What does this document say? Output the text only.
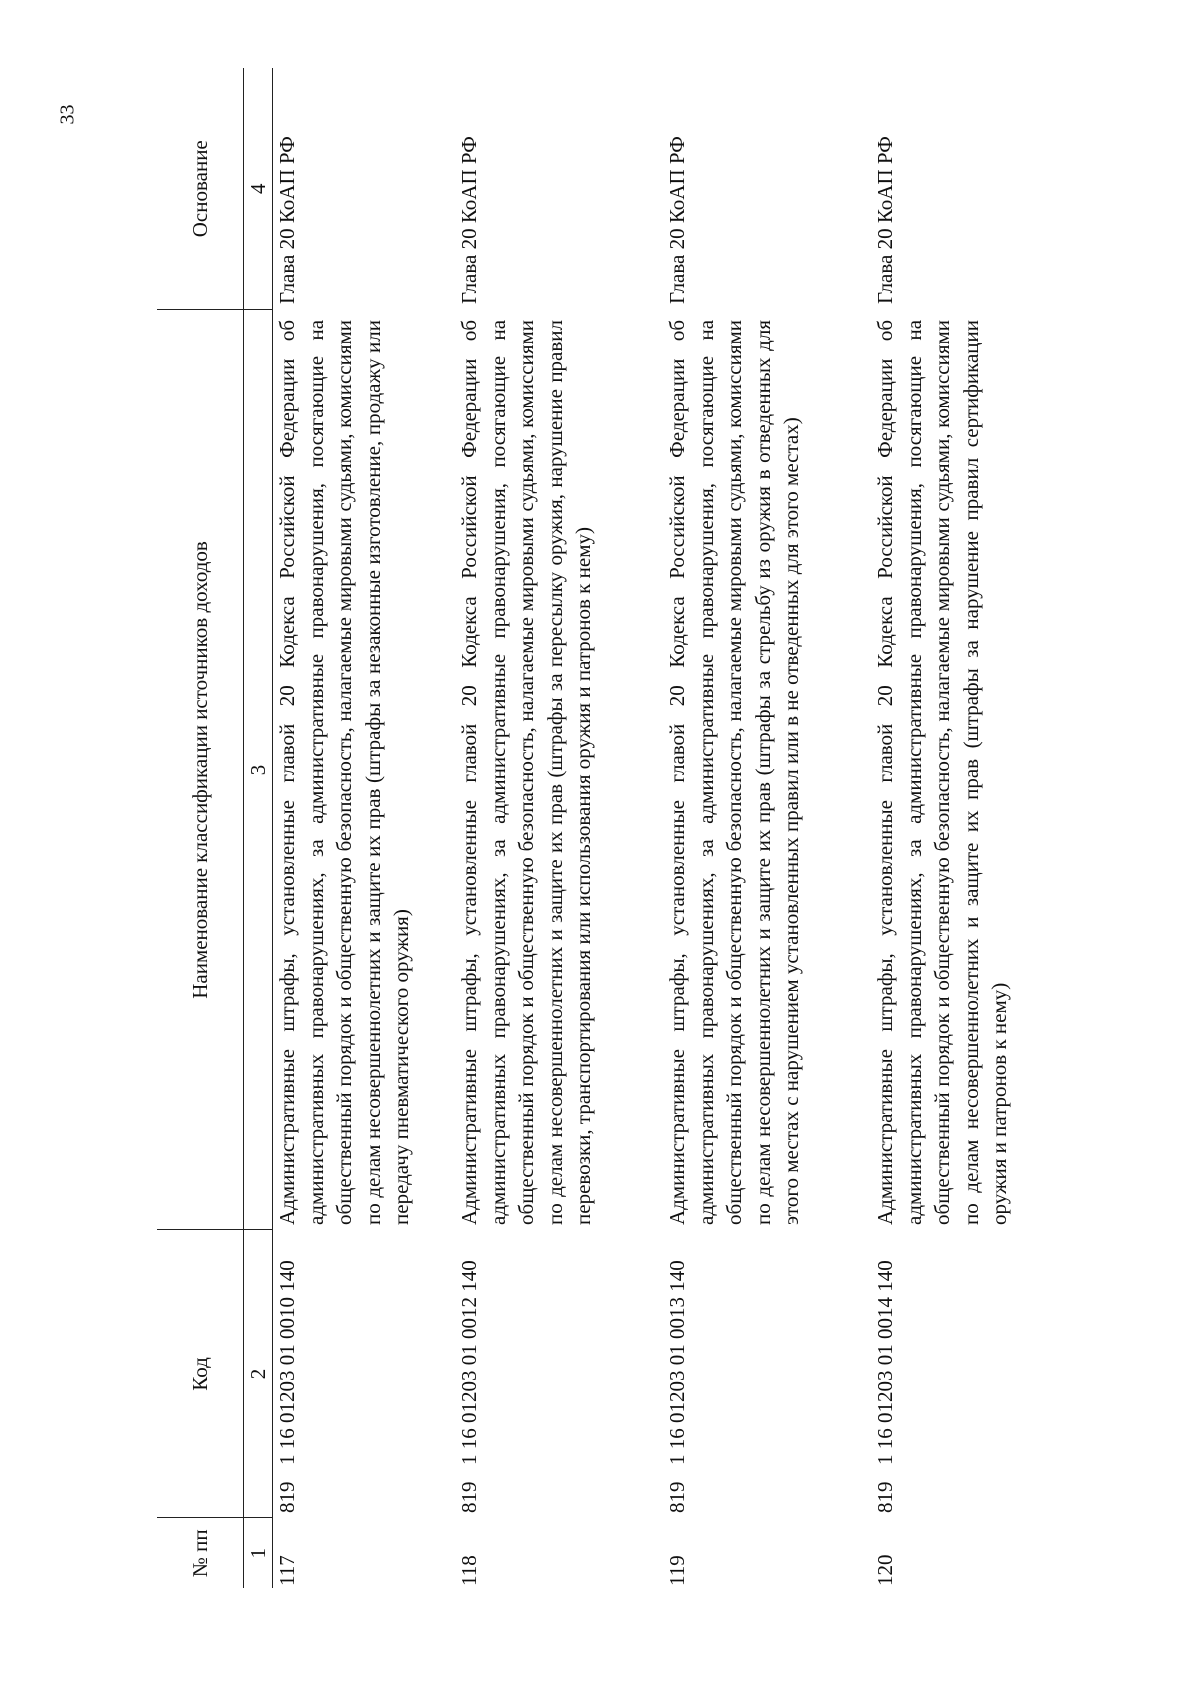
33
№ пп	Код		Наименование классификации источников доходов	Основание
1	2		3	4
117	819	1 16 01203 01 0010 140	Административные штрафы, установленные главой 20 Кодекса Российской Федерации об административных правонарушениях, за административные правонарушения, посягающие на общественный порядок и общественную безопасность, налагаемые мировыми судьями, комиссиями по делам несовершеннолетних и защите их прав (штрафы за незаконные изготовление, продажу или передачу пневматического оружия)	Глава 20 КоАП РФ
118	819	1 16 01203 01 0012 140	Административные штрафы, установленные главой 20 Кодекса Российской Федерации об административных правонарушениях, за административные правонарушения, посягающие на общественный порядок и общественную безопасность, налагаемые мировыми судьями, комиссиями по делам несовершеннолетних и защите их прав (штрафы за пересылку оружия, нарушение правил перевозки, транспортирования или использования оружия и патронов к нему)	Глава 20 КоАП РФ
119	819	1 16 01203 01 0013 140	Административные штрафы, установленные главой 20 Кодекса Российской Федерации об административных правонарушениях, за административные правонарушения, посягающие на общественный порядок и общественную безопасность, налагаемые мировыми судьями, комиссиями по делам несовершеннолетних и защите их прав (штрафы за стрельбу из оружия в отведенных для этого местах с нарушением установленных правил или в не отведенных для этого местах)	Глава 20 КоАП РФ
120	819	1 16 01203 01 0014 140	Административные штрафы, установленные главой 20 Кодекса Российской Федерации об административных правонарушениях, за административные правонарушения, посягающие на общественный порядок и общественную безопасность, налагаемые мировыми судьями, комиссиями по делам несовершеннолетних и защите их прав (штрафы за нарушение правил сертификации оружия и патронов к нему)	Глава 20 КоАП РФ
